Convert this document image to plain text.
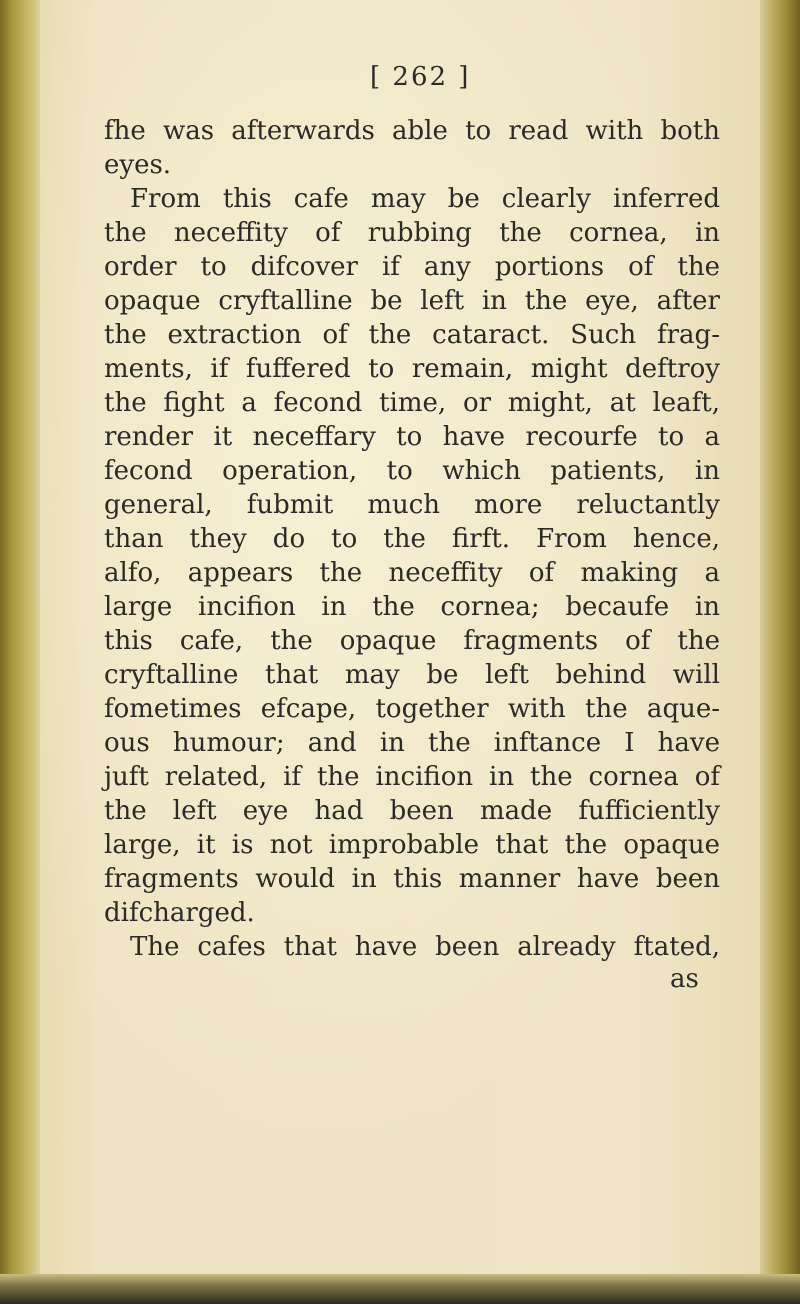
[ 262 ]
fhe was afterwards able to read with both
eyes.
From this cafe may be clearly inferred
the neceffity of rubbing the cornea, in
order to difcover if any portions of the
opaque cryftalline be left in the eye, after
the extraction of the cataract. Such frag-
ments, if fuffered to remain, might deftroy
the fight a fecond time, or might, at leaft,
render it neceffary to have recourfe to a
fecond operation, to which patients, in
general, fubmit much more reluctantly
than they do to the firft. From hence,
alfo, appears the neceffity of making a
large incifion in the cornea; becaufe in
this cafe, the opaque fragments of the
cryftalline that may be left behind will
fometimes efcape, together with the aque-
ous humour; and in the inftance I have
juft related, if the incifion in the cornea of
the left eye had been made fufficiently
large, it is not improbable that the opaque
fragments would in this manner have been
difcharged.
The cafes that have been already ftated,
as
